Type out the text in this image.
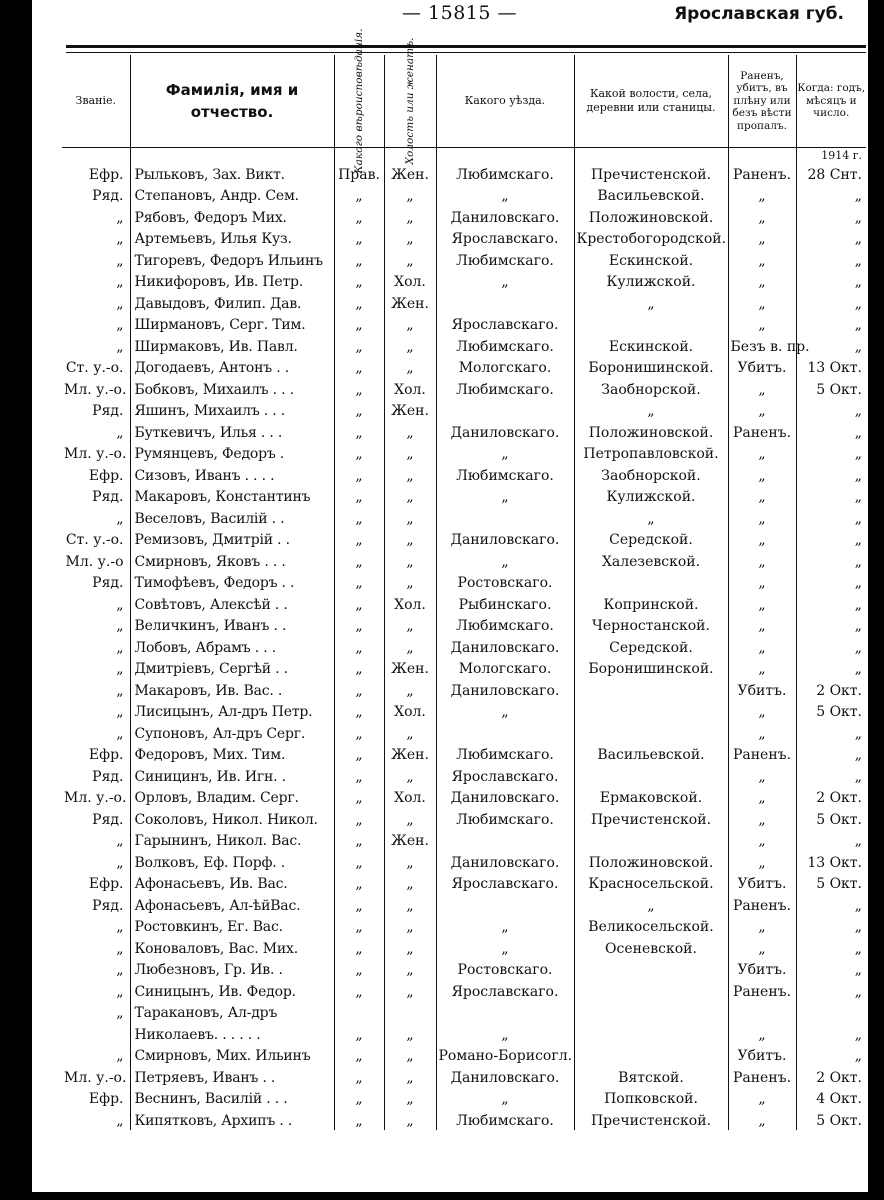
— 15815 —	Ярославская губ.
Званіе.	Фамилія, имя и отчество.	Какого вѣроисповѣданія.	Холость или женатъ.	Какого уѣзда.	Какой волости, села, деревни или станицы.	Раненъ, убитъ, въ плѣну или безъ вѣсти пропалъ.	Когда: годъ, мѣсяцъ и число.
							1914 г.
Ефр.	Рыльковъ, Зах. Викт.	Прав.	Жен.	Любимскаго.	Пречистенской.	Раненъ.	28 Снт.
Ряд.	Степановъ, Андр. Сем.	„	„	„	Васильевской.	„	„
„	Рябовъ, Федоръ Мих.	„	„	Даниловскаго.	Положиновской.	„	„
„	Артемьевъ, Илья Куз.	„	„	Ярославскаго.	Крестобогородской.	„	„
„	Тигоревъ, Федоръ Ильинъ	„	„	Любимскаго.	Ескинской.	„	„
„	Никифоровъ, Ив. Петр.	„	Хол.	„	Кулижской.	„	„
„	Давыдовъ, Филип. Дав.	„	Жен.		„	„	„
„	Ширмановъ, Серг. Тим.	„	„	Ярославскаго.		„	„
„	Ширмаковъ, Ив. Павл.	„	„	Любимскаго.	Ескинской.	Безъ в. пр.	„
Ст. у.-о.	Догодаевъ, Антонъ . .	„	„	Мологскаго.	Боронишинской.	Убитъ.	13 Окт.
Мл. у.-о.	Бобковъ, Михаилъ . . .	„	Хол.	Любимскаго.	Заобнорской.	„	5 Окт.
Ряд.	Яшинъ, Михаилъ . . .	„	Жен.		„	„	„
„	Буткевичъ, Илья . . .	„	„	Даниловскаго.	Положиновской.	Раненъ.	„
Мл. у.-о.	Румянцевъ, Федоръ .	„	„	„	Петропавловской.	„	„
Ефр.	Сизовъ, Иванъ . . . .	„	„	Любимскаго.	Заобнорской.	„	„
Ряд.	Макаровъ, Константинъ	„	„	„	Кулижской.	„	„
„	Веселовъ, Василій . .	„	„		„	„	„
Ст. у.-о.	Ремизовъ, Дмитрій . .	„	„	Даниловскаго.	Середской.	„	„
Мл. у.-о	Смирновъ, Яковъ . . .	„	„	„	Халезевской.	„	„
Ряд.	Тимофѣевъ, Федоръ . .	„	„	Ростовскаго.		„	„
„	Совѣтовъ, Алексѣй . .	„	Хол.	Рыбинскаго.	Копринской.	„	„
„	Величкинъ, Иванъ . .	„	„	Любимскаго.	Черностанской.	„	„
„	Лобовъ, Абрамъ . . .	„	„	Даниловскаго.	Середской.	„	„
„	Дмитріевъ, Сергѣй . .	„	Жен.	Мологскаго.	Боронишинской.	„	„
„	Макаровъ, Ив. Вас. .	„	„	Даниловскаго.		Убитъ.	2 Окт.
„	Лисицынъ, Ал-дръ Петр.	„	Хол.	„		„	5 Окт.
„	Супоновъ, Ал-дръ Серг.	„	„			„	„
Ефр.	Федоровъ, Мих. Тим.	„	Жен.	Любимскаго.	Васильевской.	Раненъ.	„
Ряд.	Синицинъ, Ив. Игн. .	„	„	Ярославскаго.		„	„
Мл. у.-о.	Орловъ, Владим. Серг.	„	Хол.	Даниловскаго.	Ермаковской.	„	2 Окт.
Ряд.	Соколовъ, Никол. Никол.	„	„	Любимскаго.	Пречистенской.	„	5 Окт.
„	Гарынинъ, Никол. Вас.	„	Жен.			„	„
„	Волковъ, Еф. Порф. .	„	„	Даниловскаго.	Положиновской.	„	13 Окт.
Ефр.	Афонасьевъ, Ив. Вас.	„	„	Ярославскаго.	Красносельской.	Убитъ.	5 Окт.
Ряд.	Афонасьевъ, Ал-ѣйВас.	„	„		„	Раненъ.	„
„	Ростовкинъ, Ег. Вас.	„	„	„	Великосельской.	„	„
„	Коноваловъ, Вас. Мих.	„	„	„	Осеневской.	„	„
„	Любезновъ, Гр. Ив. .	„	„	Ростовскаго.		Убитъ.	„
„	Синицынъ, Ив. Федор.	„	„	Ярославскаго.		Раненъ.	„
„	Таракановъ, Ал-дръ						
	Николаевъ. . . . . .	„	„	„		„	„
„	Смирновъ, Мих. Ильинъ	„	„	Романо-Борисогл.		Убитъ.	„
Мл. у.-о.	Петряевъ, Иванъ . .	„	„	Даниловскаго.	Вятской.	Раненъ.	2 Окт.
Ефр.	Веснинъ, Василій . . .	„	„	„	Попковской.	„	4 Окт.
„	Кипятковъ, Архипъ . .	„	„	Любимскаго.	Пречистенской.	„	5 Окт.
